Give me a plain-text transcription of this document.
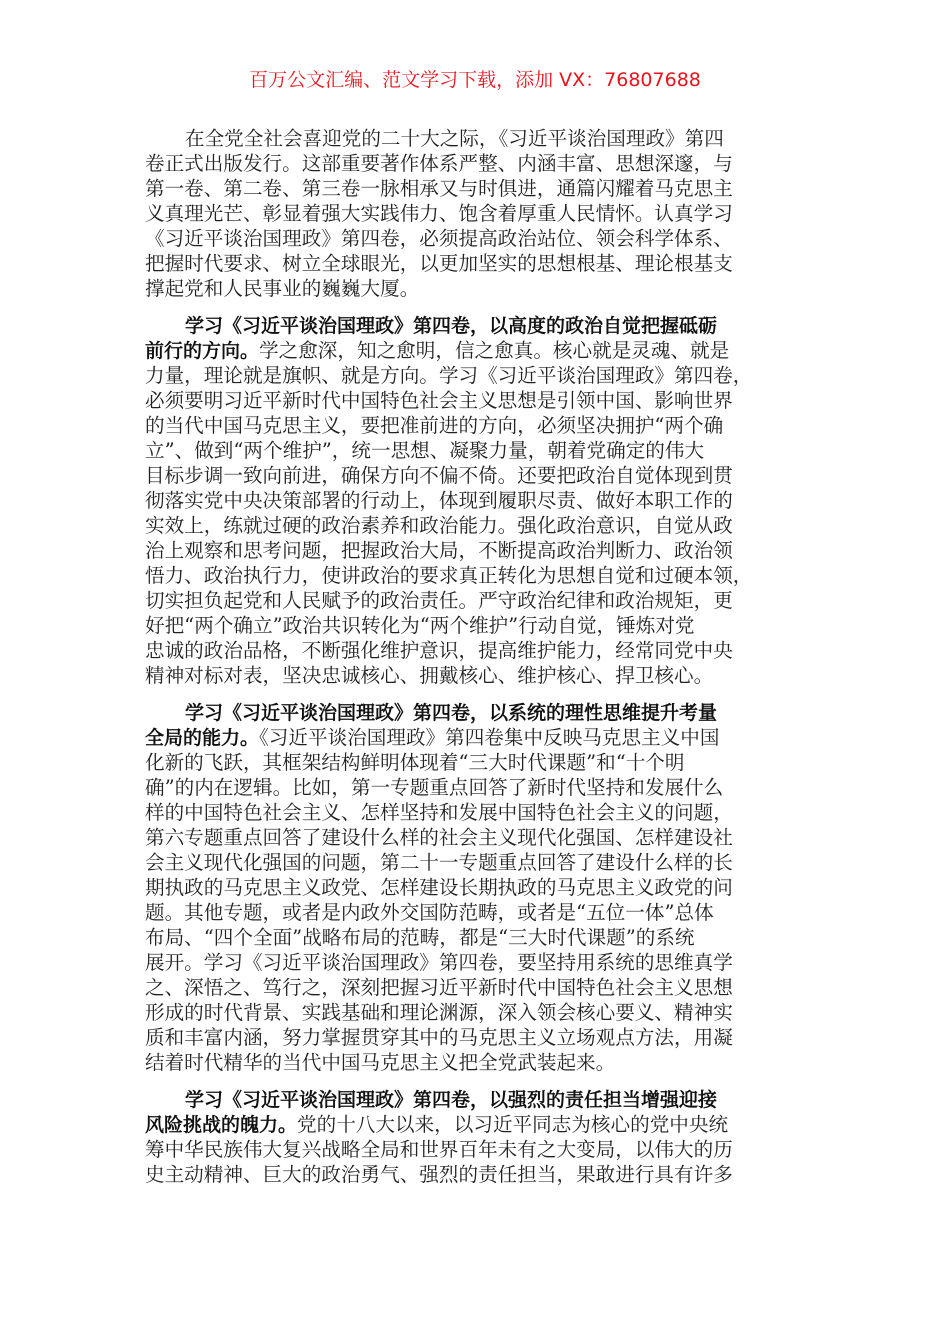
百万公文汇编、范文学习下载，添加 VX：76807688
在全党全社会喜迎党的二十大之际，《习近平谈治国理政》第四
卷正式出版发行。这部重要著作体系严整、内涵丰富、思想深邃，与
第一卷、第二卷、第三卷一脉相承又与时俱进，通篇闪耀着马克思主
义真理光芒、彰显着强大实践伟力、饱含着厚重人民情怀。认真学习
《习近平谈治国理政》第四卷，必须提高政治站位、领会科学体系、
把握时代要求、树立全球眼光，以更加坚实的思想根基、理论根基支
撑起党和人民事业的巍巍大厦。
学习《习近平谈治国理政》第四卷，以高度的政治自觉把握砥砺
前行的方向。学之愈深，知之愈明，信之愈真。核心就是灵魂、就是
力量，理论就是旗帜、就是方向。学习《习近平谈治国理政》第四卷，
必须要明习近平新时代中国特色社会主义思想是引领中国、影响世界
的当代中国马克思主义，要把准前进的方向，必须坚决拥护“两个确
立”、做到“两个维护”，统一思想、凝聚力量，朝着党确定的伟大
目标步调一致向前进，确保方向不偏不倚。还要把政治自觉体现到贯
彻落实党中央决策部署的行动上，体现到履职尽责、做好本职工作的
实效上，练就过硬的政治素养和政治能力。强化政治意识，自觉从政
治上观察和思考问题，把握政治大局，不断提高政治判断力、政治领
悟力、政治执行力，使讲政治的要求真正转化为思想自觉和过硬本领，
切实担负起党和人民赋予的政治责任。严守政治纪律和政治规矩，更
好把“两个确立”政治共识转化为“两个维护”行动自觉，锤炼对党
忠诚的政治品格，不断强化维护意识，提高维护能力，经常同党中央
精神对标对表，坚决忠诚核心、拥戴核心、维护核心、捍卫核心。
学习《习近平谈治国理政》第四卷，以系统的理性思维提升考量
全局的能力。《习近平谈治国理政》第四卷集中反映马克思主义中国
化新的飞跃，其框架结构鲜明体现着“三大时代课题”和“十个明
确”的内在逻辑。比如，第一专题重点回答了新时代坚持和发展什么
样的中国特色社会主义、怎样坚持和发展中国特色社会主义的问题，
第六专题重点回答了建设什么样的社会主义现代化强国、怎样建设社
会主义现代化强国的问题，第二十一专题重点回答了建设什么样的长
期执政的马克思主义政党、怎样建设长期执政的马克思主义政党的问
题。其他专题，或者是内政外交国防范畴，或者是“五位一体”总体
布局、“四个全面”战略布局的范畴，都是“三大时代课题”的系统
展开。学习《习近平谈治国理政》第四卷，要坚持用系统的思维真学
之、深悟之、笃行之，深刻把握习近平新时代中国特色社会主义思想
形成的时代背景、实践基础和理论渊源，深入领会核心要义、精神实
质和丰富内涵，努力掌握贯穿其中的马克思主义立场观点方法，用凝
结着时代精华的当代中国马克思主义把全党武装起来。
学习《习近平谈治国理政》第四卷，以强烈的责任担当增强迎接
风险挑战的魄力。党的十八大以来，以习近平同志为核心的党中央统
筹中华民族伟大复兴战略全局和世界百年未有之大变局，以伟大的历
史主动精神、巨大的政治勇气、强烈的责任担当，果敢进行具有许多
